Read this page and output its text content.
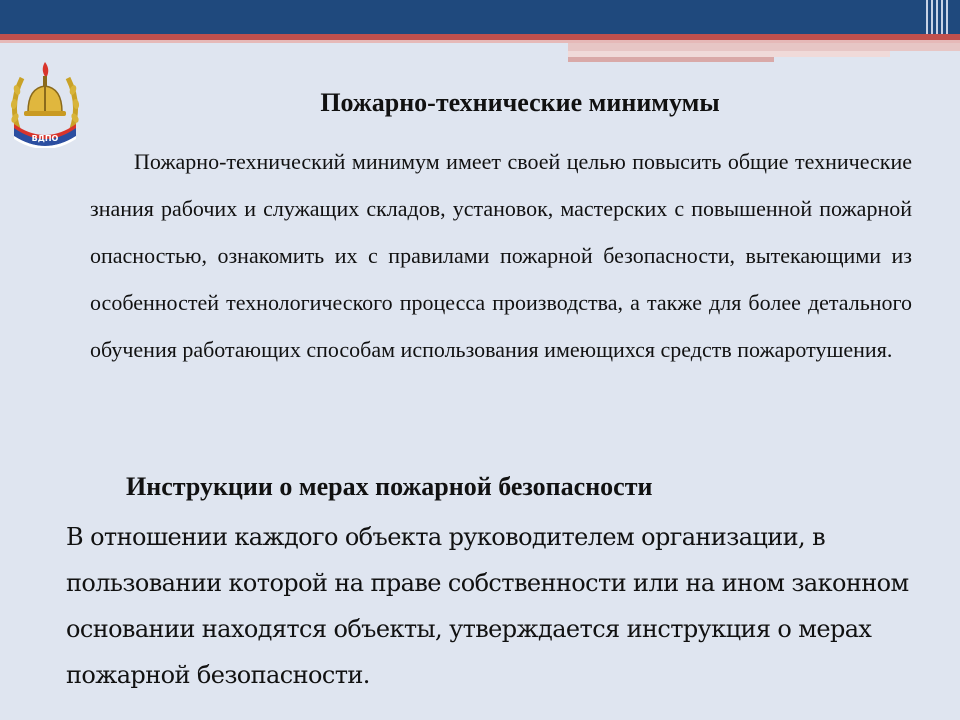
ВДПО
Пожарно-технические минимумы
Пожарно-технический минимум имеет своей целью повысить общие технические знания рабочих и служащих складов, установок, мастерских с повышенной пожарной опасностью, ознакомить их с правилами пожарной безопасности, вытекающими из особенностей технологического процесса производства, а также для более детального обучения работающих способам использования имеющихся средств пожаротушения.
Инструкции о мерах пожарной безопасности
В отношении каждого объекта руководителем организации, в пользовании которой на праве собственности или на ином законном основании находятся объекты, утверждается инструкция о мерах пожарной безопасности.
